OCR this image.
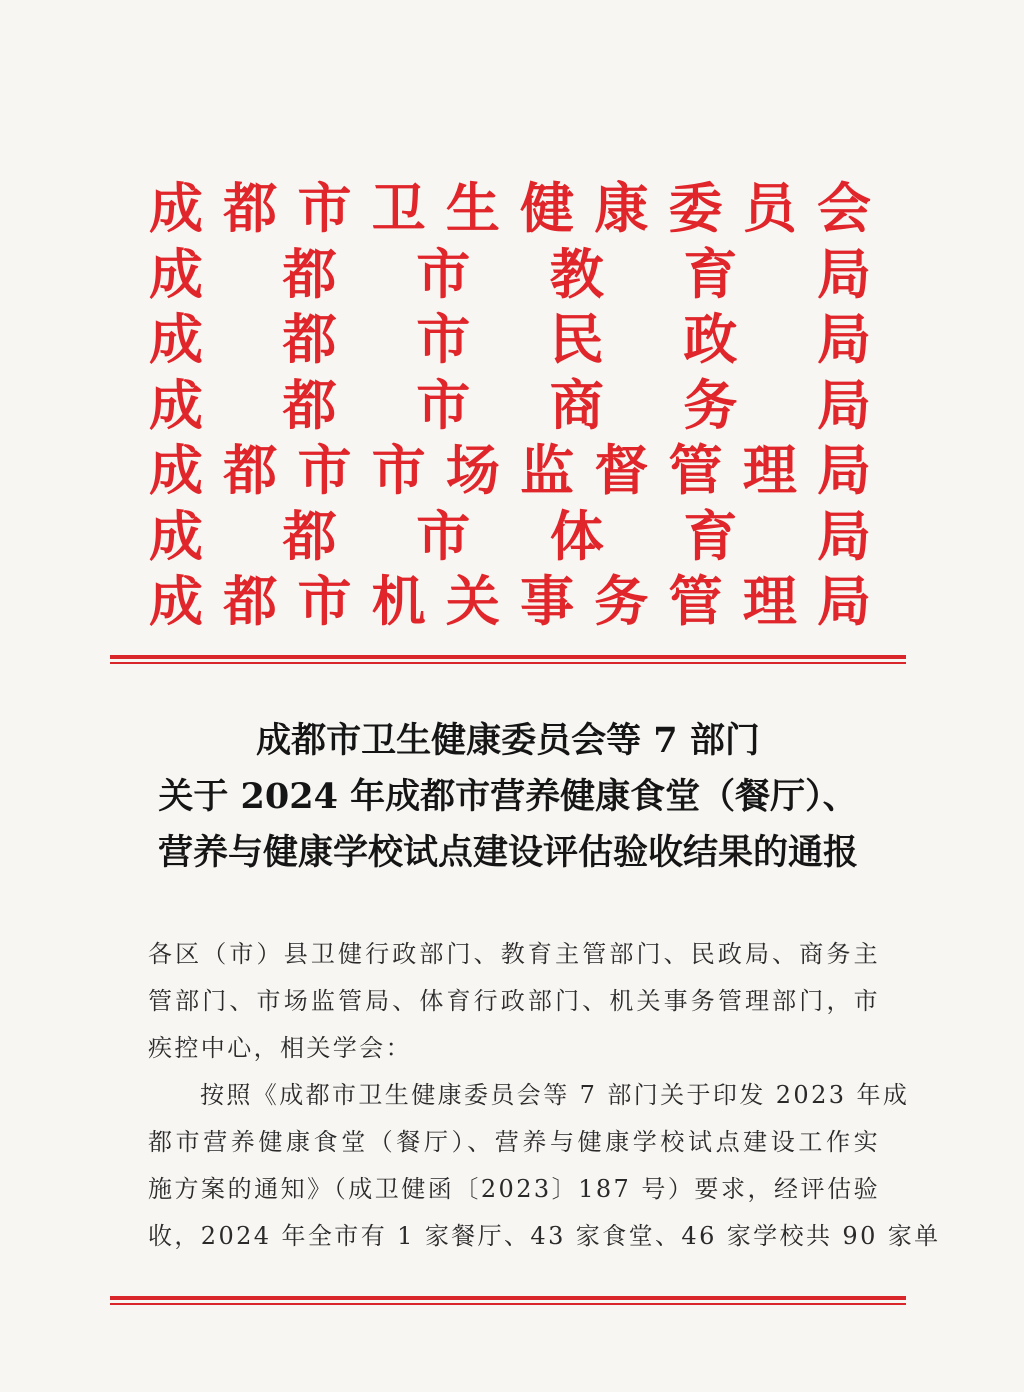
成 都 市 卫 生 健 康 委 员 会
成 都 市 教 育 局
成 都 市 民 政 局
成 都 市 商 务 局
成 都 市 市 场 监 督 管 理 局
成 都 市 体 育 局
成 都 市 机 关 事 务 管 理 局
成都市卫生健康委员会等 7 部门
关于 2024 年成都市营养健康食堂（餐厅）、
营养与健康学校试点建设评估验收结果的通报
各区（市）县卫健行政部门、教育主管部门、民政局、商务主
管部门、市场监管局、体育行政部门、机关事务管理部门，市
疾控中心，相关学会：
按照《成都市卫生健康委员会等 7 部门关于印发 2023 年成
都市营养健康食堂（餐厅）、营养与健康学校试点建设工作实
施方案的通知》（成卫健函〔2023〕187 号）要求，经评估验
收，2024 年全市有 1 家餐厅、43 家食堂、46 家学校共 90 家单
